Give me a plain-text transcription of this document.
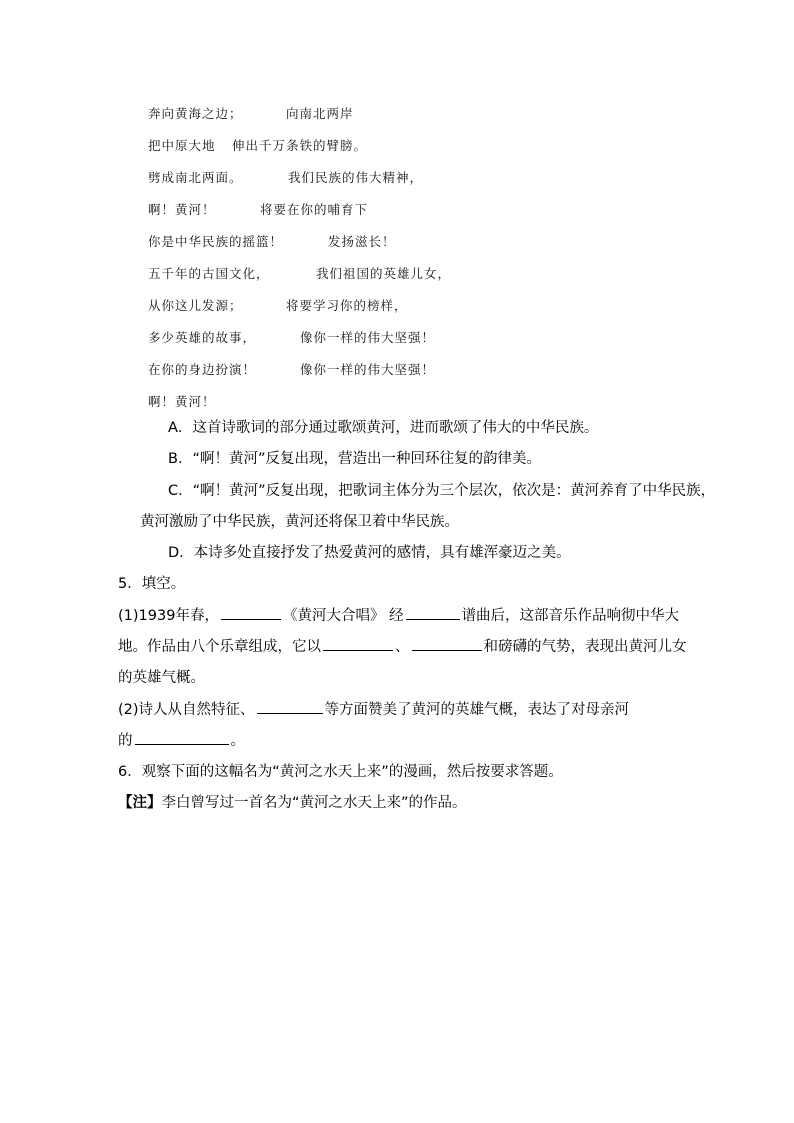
奔向黄海之边；	向南北两岸
把中原大地 伸出千万条铁的臂膀。
劈成南北两面。	我们民族的伟大精神，
啊！黄河！	将要在你的哺育下
你是中华民族的摇篮！	发扬滋长！
五千年的古国文化，	我们祖国的英雄儿女，
从你这儿发源；	将要学习你的榜样，
多少英雄的故事，	像你一样的伟大坚强！
在你的身边扮演！	像你一样的伟大坚强！
啊！黄河！
A．这首诗歌词的部分通过歌颂黄河，进而歌颂了伟大的中华民族。
B．“啊！黄河”反复出现，营造出一种回环往复的韵律美。
C．“啊！黄河”反复出现，把歌词主体分为三个层次，依次是：黄河养育了中华民族，
黄河激励了中华民族，黄河还将保卫着中华民族。
D．本诗多处直接抒发了热爱黄河的感情，具有雄浑豪迈之美。
5．填空。
(1)1939年春，	《黄河大合唱》 经	谱曲后，这部音乐作品响彻中华大
地。作品由八个乐章组成，它以	、	和磅礴的气势，表现出黄河儿女
的英雄气概。
(2)诗人从自然特征、	等方面赞美了黄河的英雄气概，表达了对母亲河
的	。
6．观察下面的这幅名为“黄河之水天上来”的漫画，然后按要求答题。
【注】李白曾写过一首名为“黄河之水天上来”的作品。
